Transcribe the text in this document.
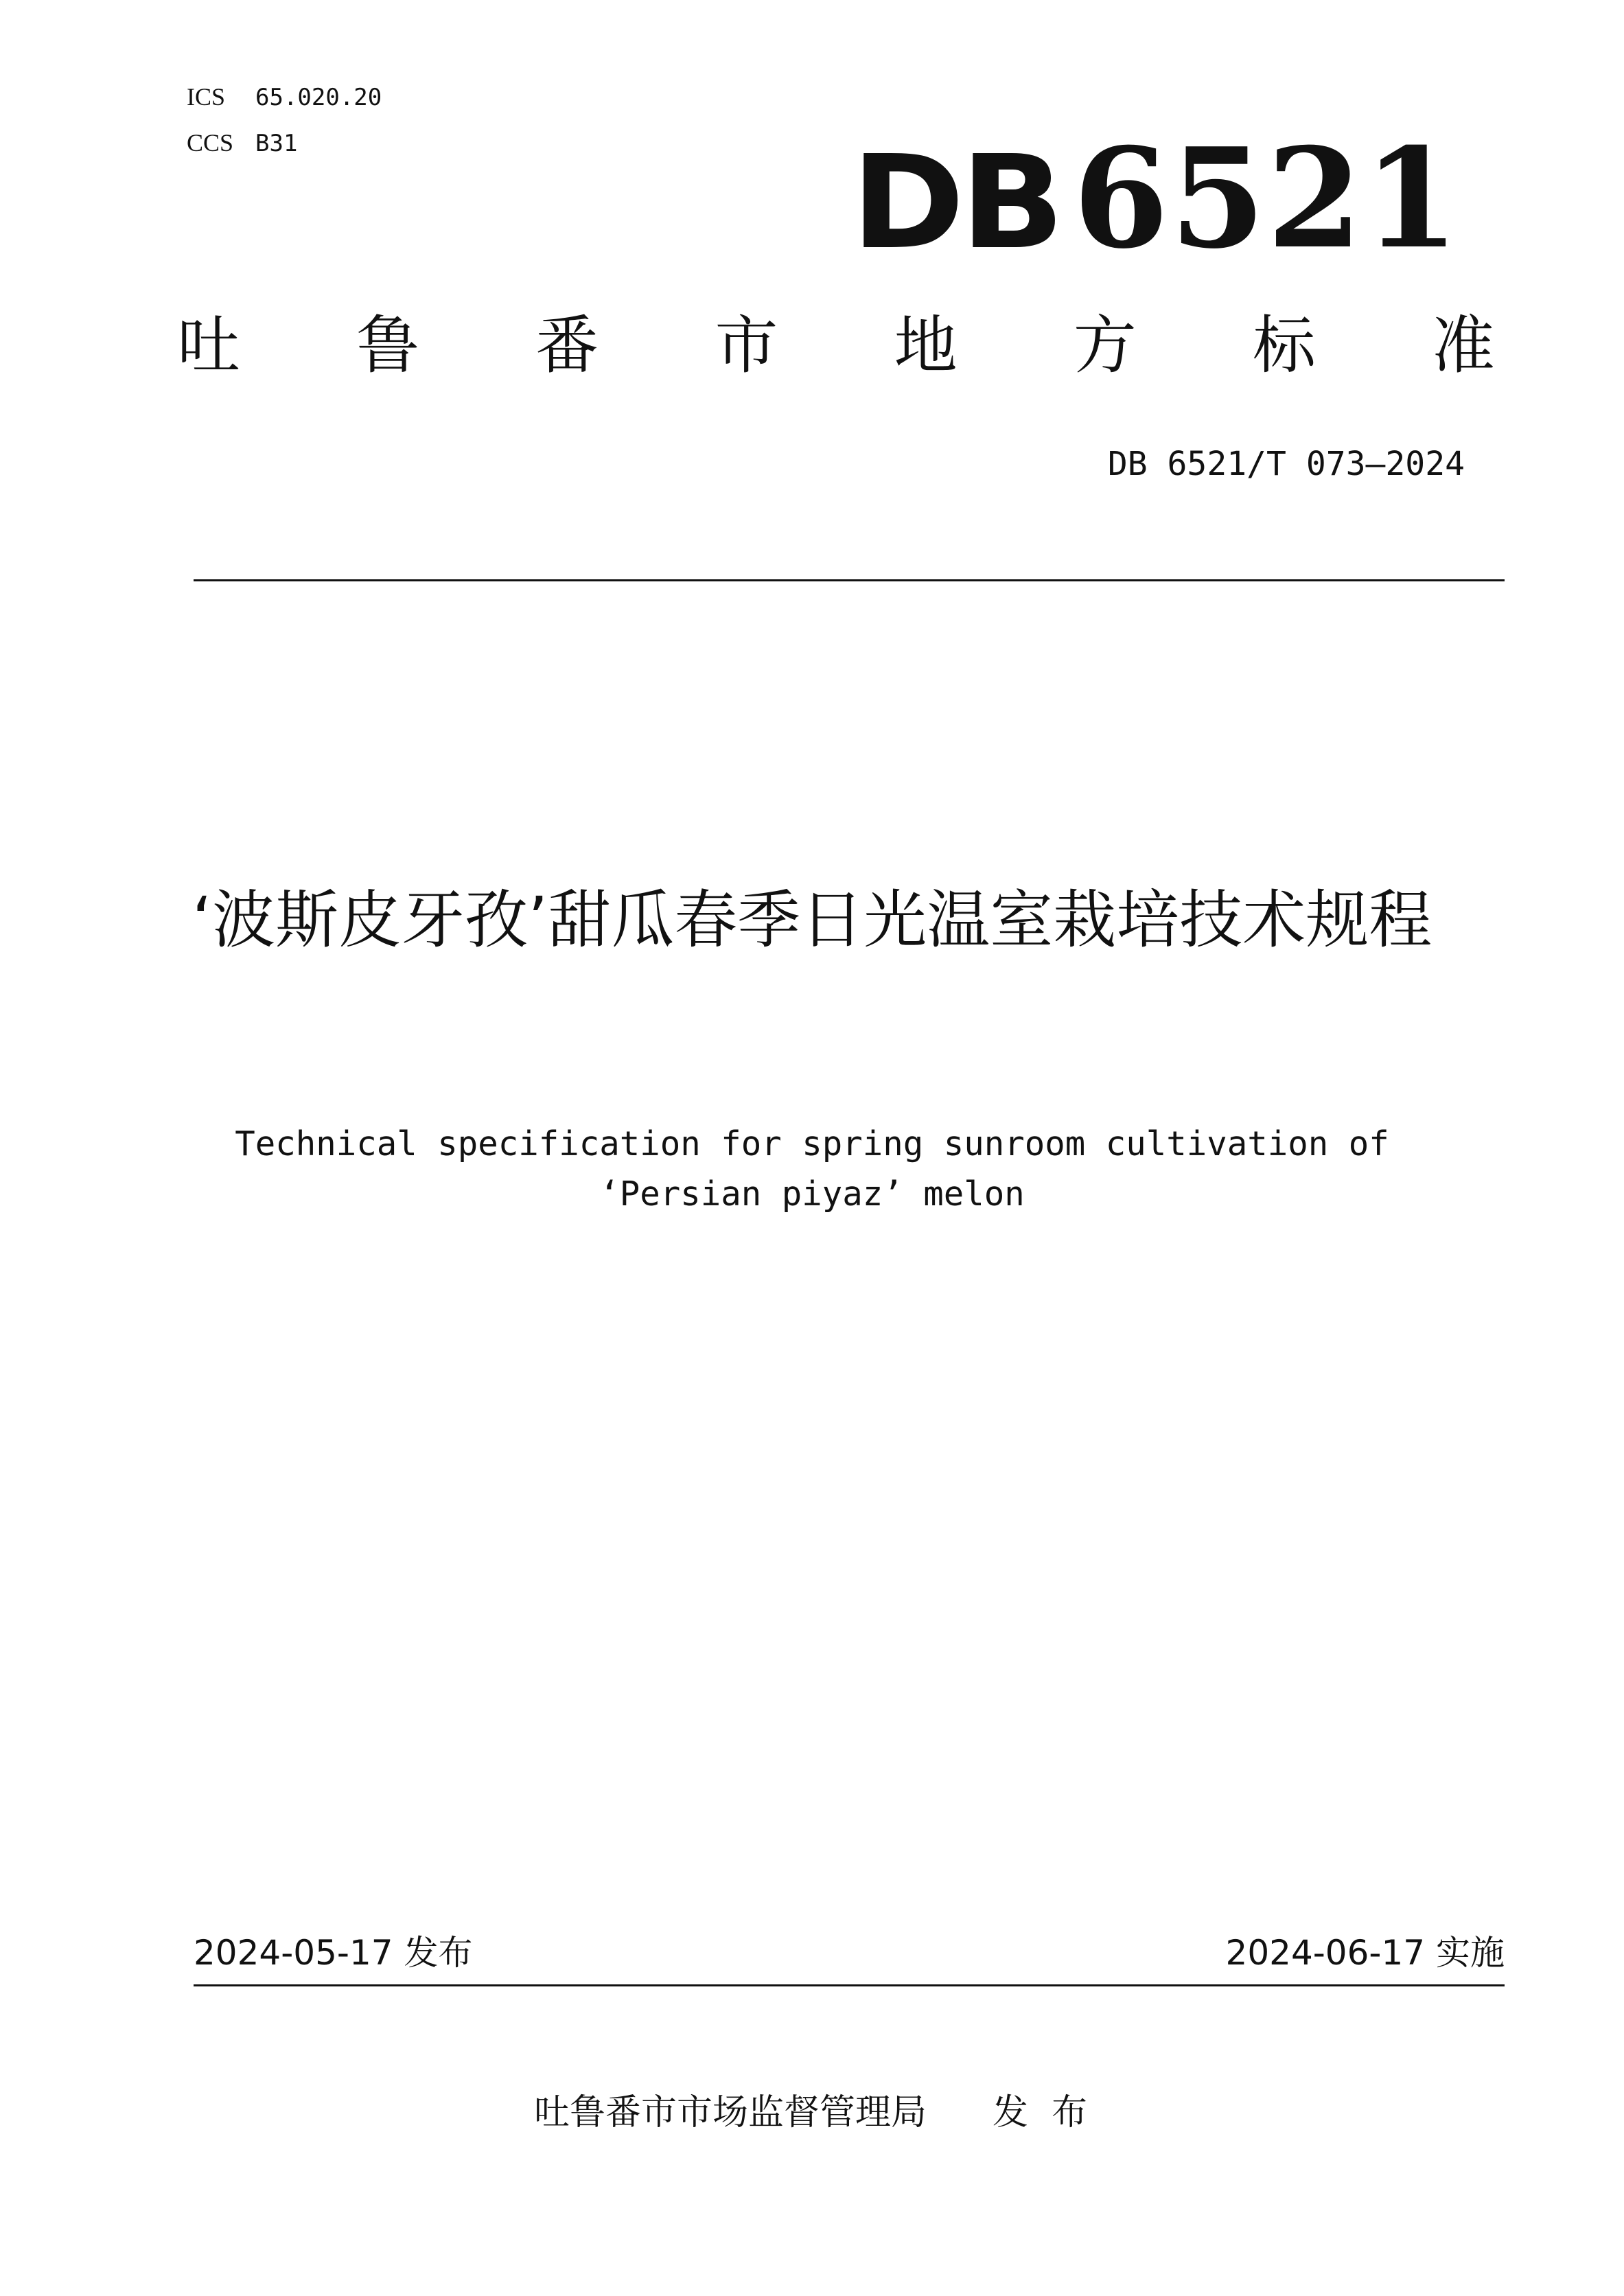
ICS 65.020.20
CCS B31	DB 6521
吐 鲁 番 市 地 方 标 准
DB 6521/T 073—2024
‘波斯皮牙孜’甜瓜春季日光温室栽培技术规程
Technical specification for spring sunroom cultivation of ‘Persian piyaz’ melon
2024-05-17 发布	2024-06-17 实施
吐鲁番市市场监督管理局 发布
